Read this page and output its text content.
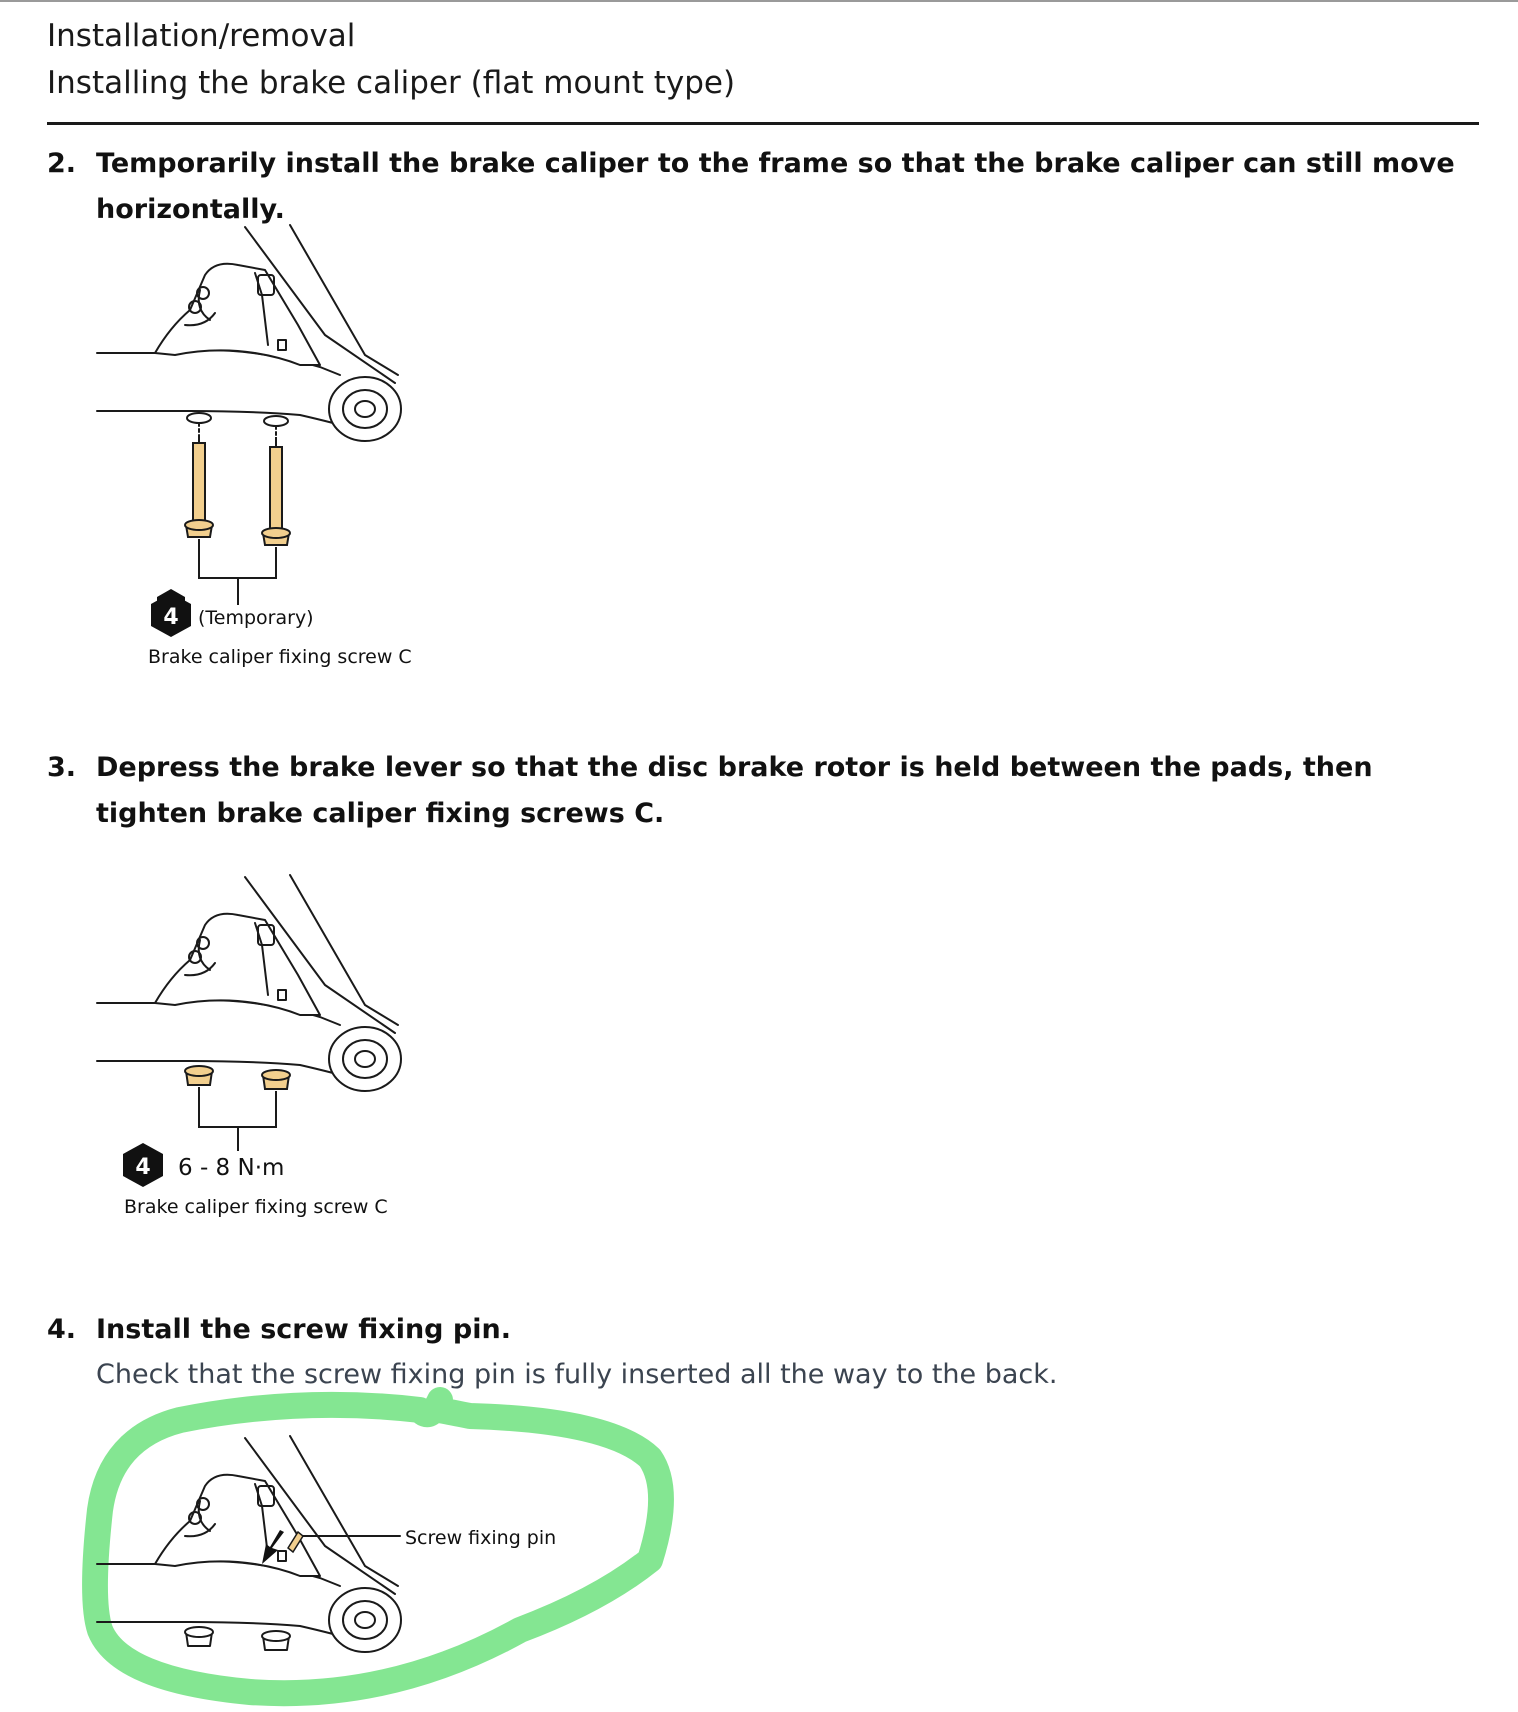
Installation/removal
Installing the brake caliper (flat mount type)
2. Temporarily install the brake caliper to the frame so that the brake caliper can still move horizontally.
4 (Temporary)
Brake caliper fixing screw C
3. Depress the brake lever so that the disc brake rotor is held between the pads, then tighten brake caliper fixing screws C.
4 6 - 8 N·m
Brake caliper fixing screw C
4. Install the screw fixing pin.
Check that the screw fixing pin is fully inserted all the way to the back.
Screw fixing pin
